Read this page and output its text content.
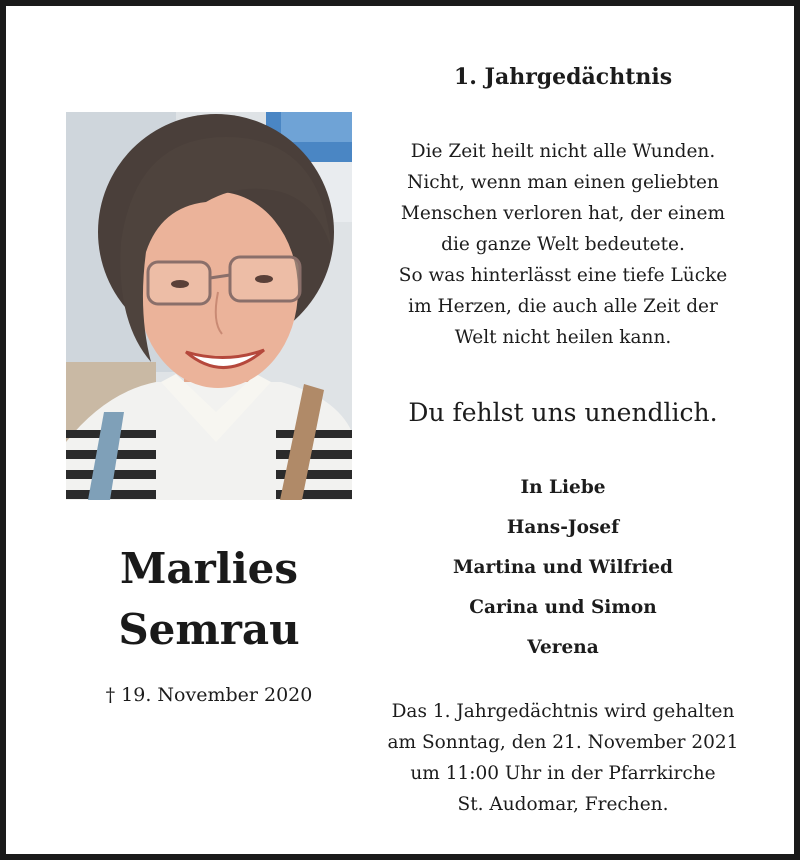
Marlies
Semrau
† 19. November 2020
1. Jahrgedächtnis
Die Zeit heilt nicht alle Wunden.
Nicht, wenn man einen geliebten
Menschen verloren hat, der einem
die ganze Welt bedeutete.
So was hinterlässt eine tiefe Lücke
im Herzen, die auch alle Zeit der
Welt nicht heilen kann.
Du fehlst uns unendlich.
In Liebe
Hans-Josef
Martina und Wilfried
Carina und Simon
Verena
Das 1. Jahrgedächtnis wird gehalten
am Sonntag, den 21. November 2021
um 11:00 Uhr in der Pfarrkirche
St. Audomar, Frechen.
